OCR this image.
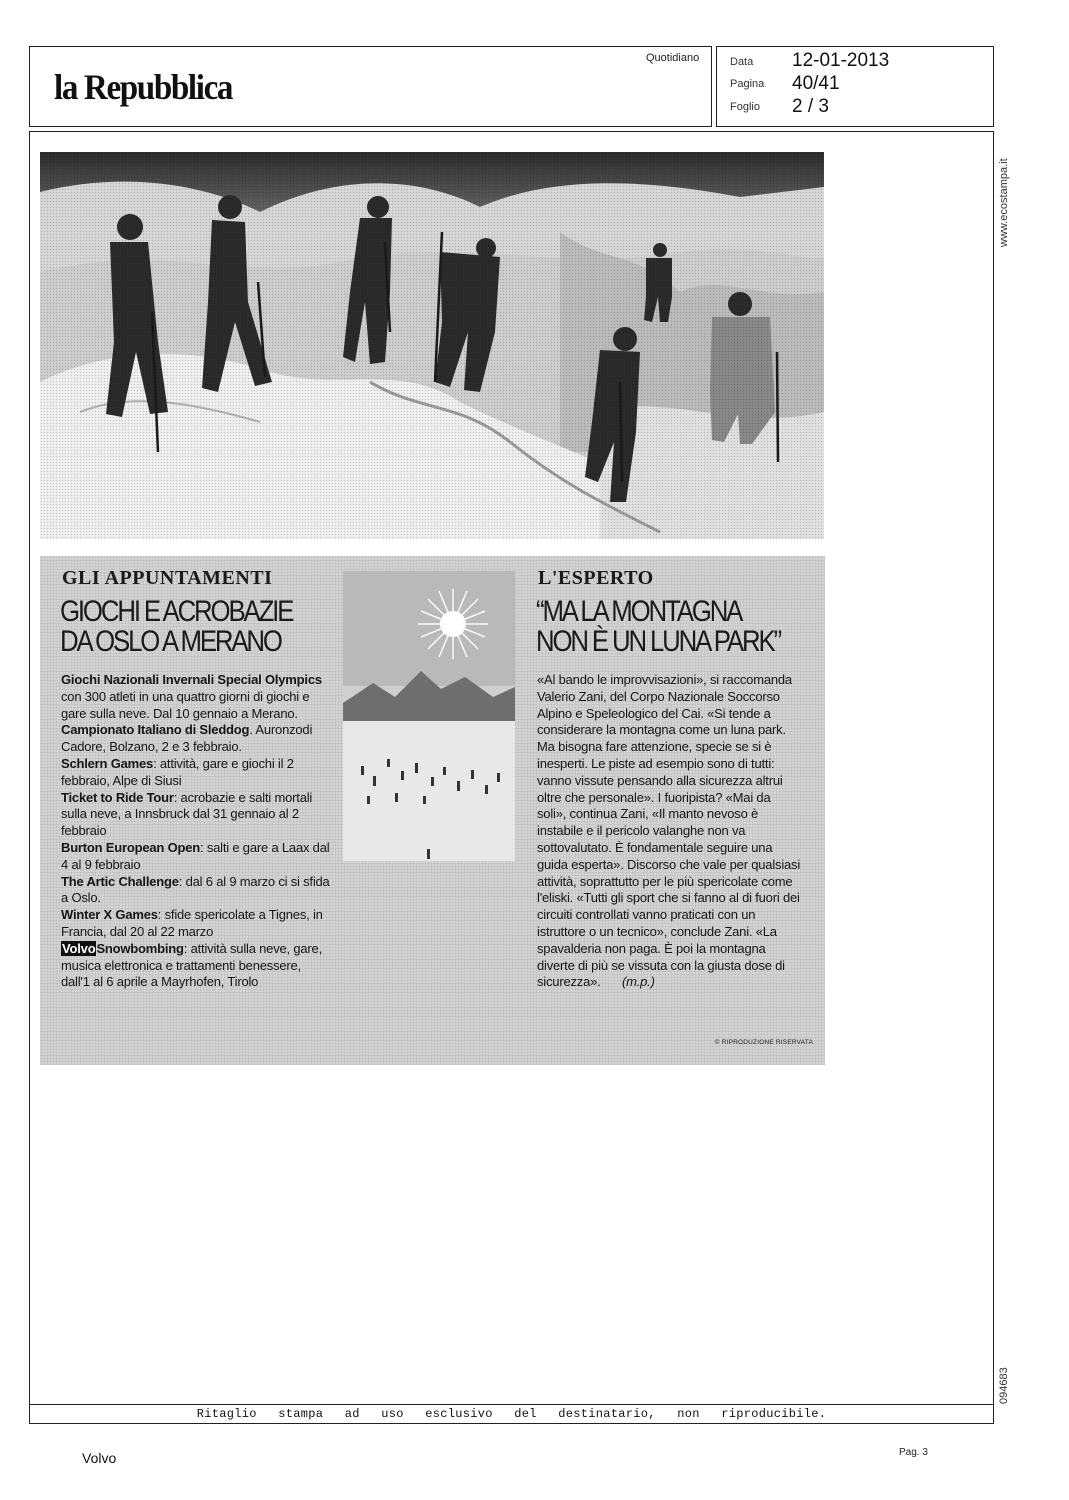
la Repubblica
Quotidiano	Data 12-01-2013
Pagina 40/41
Foglio 2 / 3
www.ecostampa.it
094683
GLI APPUNTAMENTI
GIOCHI E ACROBAZIE
DA OSLO A MERANO
Giochi Nazionali Invernali Special Olympics con 300 atleti in una quattro giorni di giochi e gare sulla neve. Dal 10 gennaio a Merano.
Campionato Italiano di Sleddog. Auronzodi Cadore, Bolzano, 2 e 3 febbraio.
Schlern Games: attività, gare e giochi il 2 febbraio, Alpe di Siusi
Ticket to Ride Tour: acrobazie e salti mortali sulla neve, a Innsbruck dal 31 gennaio al 2 febbraio
Burton European Open: salti e gare a Laax dal 4 al 9 febbraio
The Artic Challenge: dal 6 al 9 marzo ci si sfida a Oslo.
Winter X Games: sfide spericolate a Tignes, in Francia, dal 20 al 22 marzo
VolvoSnowbombing: attività sulla neve, gare, musica elettronica e trattamenti benessere, dall'1 al 6 aprile a Mayrhofen, Tirolo
L'ESPERTO
“MA LA MONTAGNA
NON È UN LUNA PARK”
«Al bando le improvvisazioni», si raccomanda Valerio Zani, del Corpo Nazionale Soccorso Alpino e Speleologico del Cai. «Si tende a considerare la montagna come un luna park. Ma bisogna fare attenzione, specie se si è inesperti. Le piste ad esempio sono di tutti: vanno vissute pensando alla sicurezza altrui oltre che personale». I fuoripista? «Mai da soli», continua Zani, «Il manto nevoso è instabile e il pericolo valanghe non va sottovalutato. È fondamentale seguire una guida esperta». Discorso che vale per qualsiasi attività, soprattutto per le più spericolate come l'eliski. «Tutti gli sport che si fanno al di fuori dei circuiti controllati vanno praticati con un istruttore o un tecnico», conclude Zani. «La spavalderia non paga. È poi la montagna diverte di più se vissuta con la giusta dose di sicurezza». (m.p.)
© RIPRODUZIONE RISERVATA
Ritaglio stampa ad uso esclusivo del destinatario, non riproducibile.
Volvo	Pag. 3
